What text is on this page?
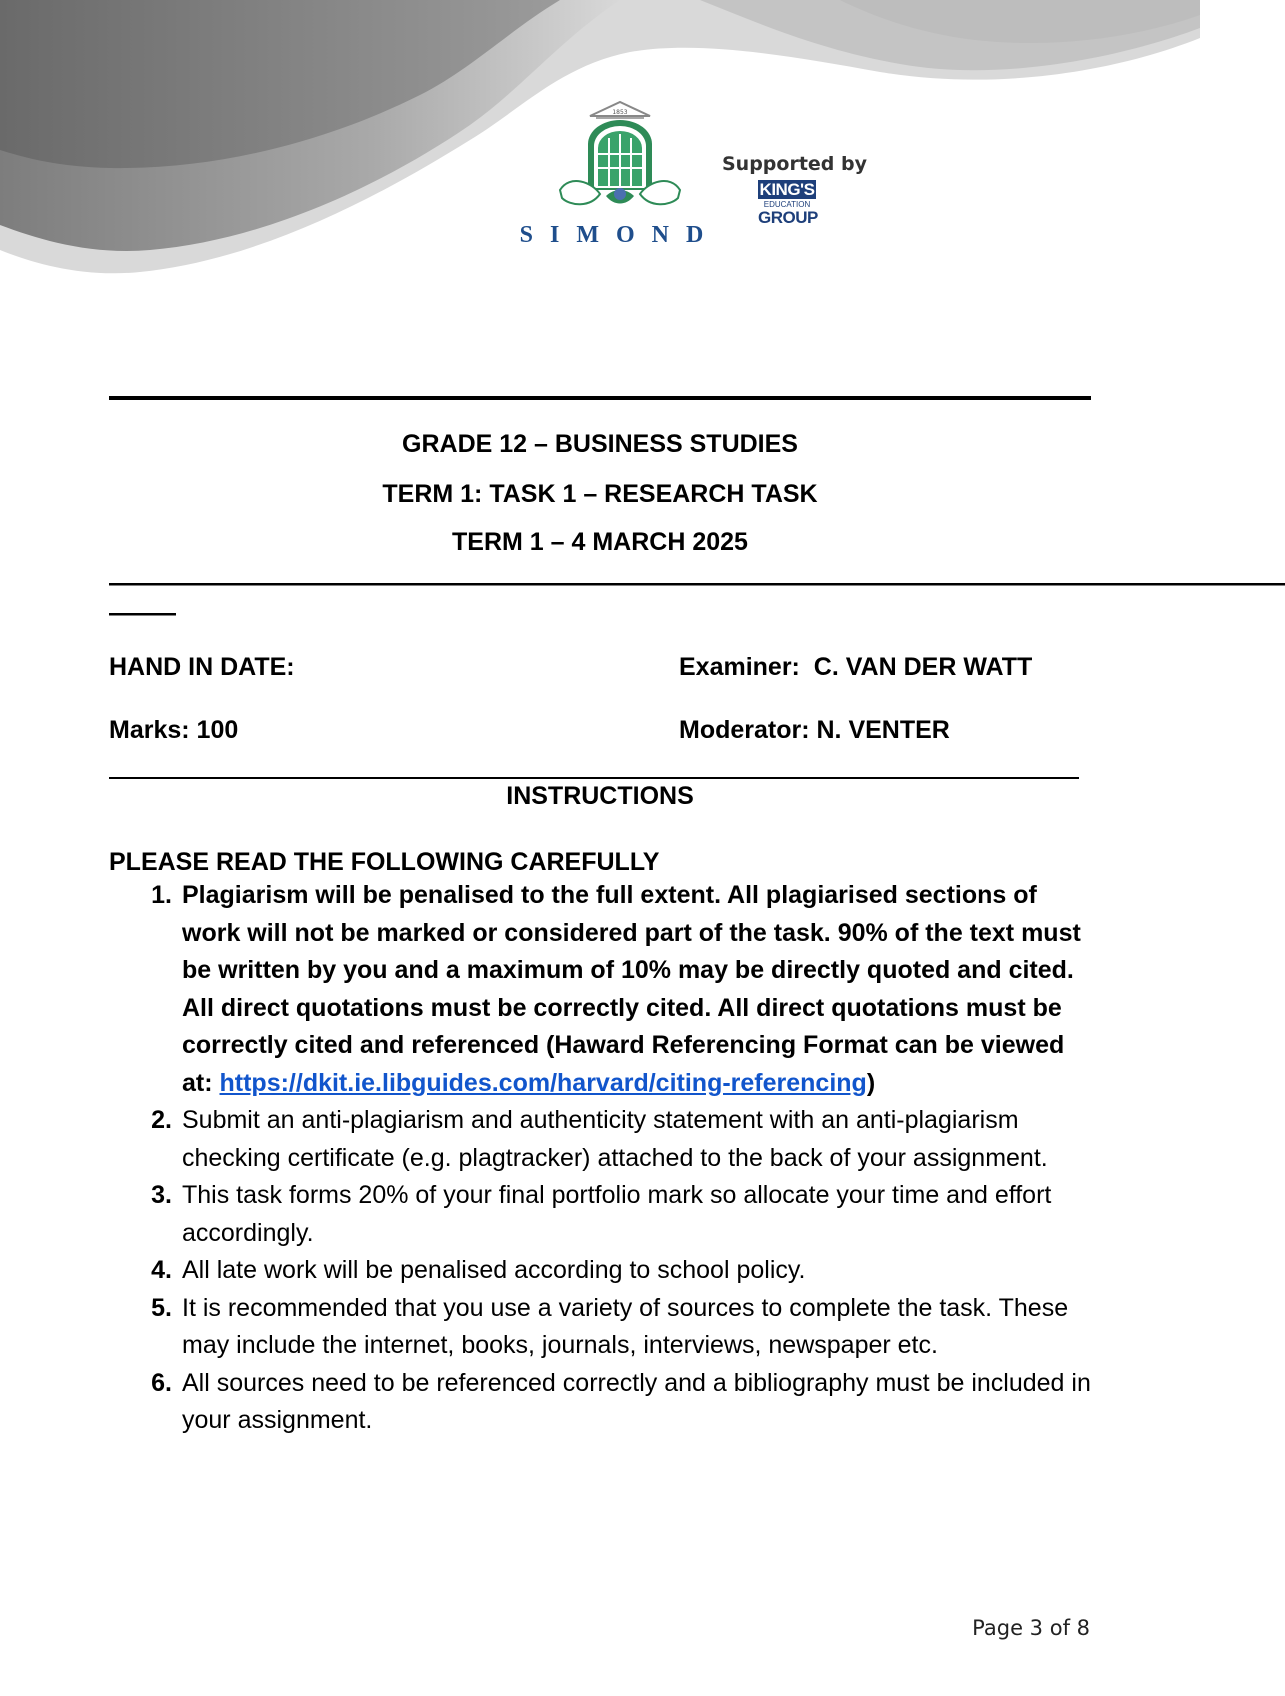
1853
SIMOND
Supported by
KING'S
EDUCATION
GROUP
GRADE 12 – BUSINESS STUDIES
TERM 1: TASK 1 – RESEARCH TASK
TERM 1 – 4 MARCH 2025
————————————————————————————————————————————————————————
———
HAND IN DATE:	Examiner: C. VAN DER WATT
Marks: 100	Moderator: N. VENTER
INSTRUCTIONS
PLEASE READ THE FOLLOWING CAREFULLY
1. Plagiarism will be penalised to the full extent. All plagiarised sections of work will not be marked or considered part of the task. 90% of the text must be written by you and a maximum of 10% may be directly quoted and cited. All direct quotations must be correctly cited. All direct quotations must be correctly cited and referenced (Haward Referencing Format can be viewed at: https://dkit.ie.libguides.com/harvard/citing-referencing)
2. Submit an anti-plagiarism and authenticity statement with an anti-plagiarism checking certificate (e.g. plagtracker) attached to the back of your assignment.
3. This task forms 20% of your final portfolio mark so allocate your time and effort accordingly.
4. All late work will be penalised according to school policy.
5. It is recommended that you use a variety of sources to complete the task. These may include the internet, books, journals, interviews, newspaper etc.
6. All sources need to be referenced correctly and a bibliography must be included in your assignment.
Page 3 of 8
